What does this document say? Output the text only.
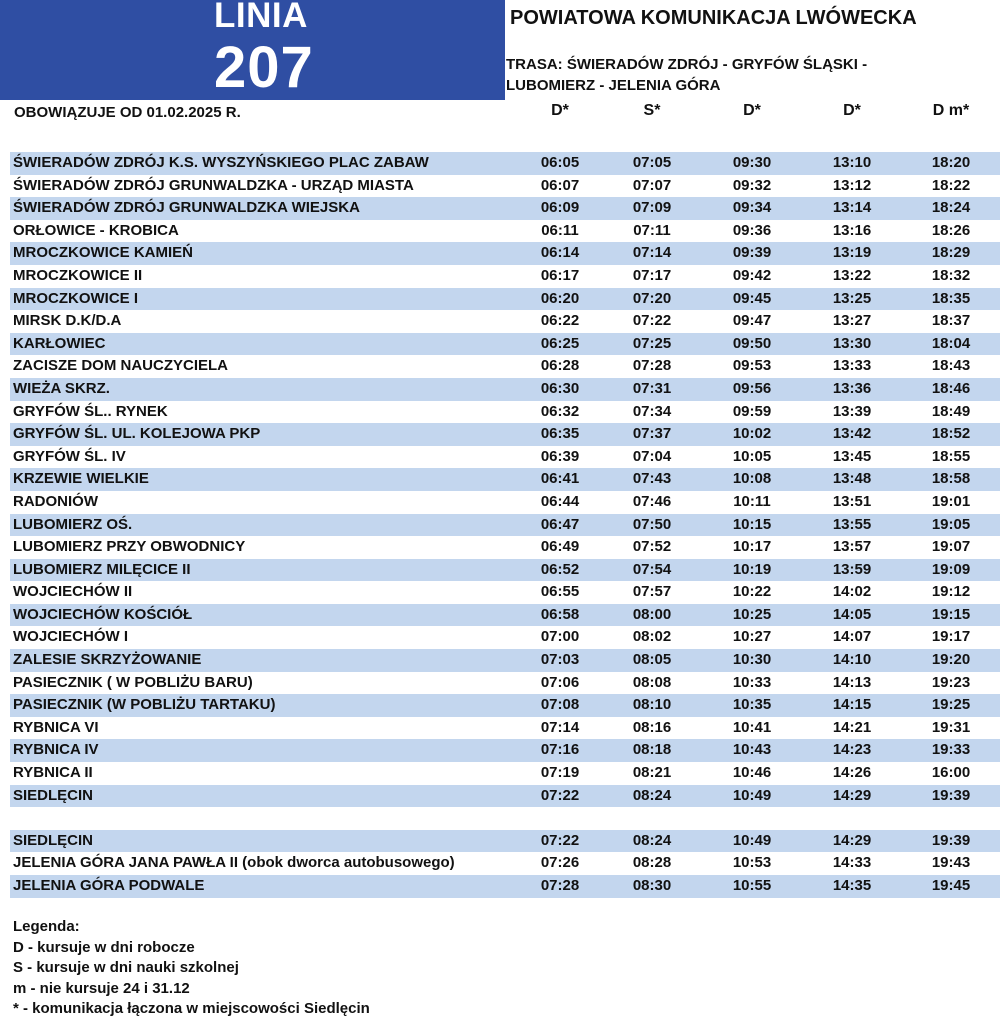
LINIA
207
POWIATOWA KOMUNIKACJA LWÓWECKA
TRASA: ŚWIERADÓW ZDRÓJ - GRYFÓW ŚLĄSKI -
LUBOMIERZ - JELENIA GÓRA
OBOWIĄZUJE OD 01.02.2025 R.	D*	S*	D*	D*	D m*
ŚWIERADÓW ZDRÓJ K.S. WYSZYŃSKIEGO PLAC ZABAW	06:05	07:05	09:30	13:10	18:20
ŚWIERADÓW ZDRÓJ GRUNWALDZKA - URZĄD MIASTA	06:07	07:07	09:32	13:12	18:22
ŚWIERADÓW ZDRÓJ GRUNWALDZKA WIEJSKA	06:09	07:09	09:34	13:14	18:24
ORŁOWICE - KROBICA	06:11	07:11	09:36	13:16	18:26
MROCZKOWICE KAMIEŃ	06:14	07:14	09:39	13:19	18:29
MROCZKOWICE II	06:17	07:17	09:42	13:22	18:32
MROCZKOWICE I	06:20	07:20	09:45	13:25	18:35
MIRSK D.K/D.A	06:22	07:22	09:47	13:27	18:37
KARŁOWIEC	06:25	07:25	09:50	13:30	18:04
ZACISZE DOM NAUCZYCIELA	06:28	07:28	09:53	13:33	18:43
WIEŻA SKRZ.	06:30	07:31	09:56	13:36	18:46
GRYFÓW ŚL.. RYNEK	06:32	07:34	09:59	13:39	18:49
GRYFÓW ŚL. UL. KOLEJOWA PKP	06:35	07:37	10:02	13:42	18:52
GRYFÓW ŚL. IV	06:39	07:04	10:05	13:45	18:55
KRZEWIE WIELKIE	06:41	07:43	10:08	13:48	18:58
RADONIÓW	06:44	07:46	10:11	13:51	19:01
LUBOMIERZ OŚ.	06:47	07:50	10:15	13:55	19:05
LUBOMIERZ PRZY OBWODNICY	06:49	07:52	10:17	13:57	19:07
LUBOMIERZ MILĘCICE II	06:52	07:54	10:19	13:59	19:09
WOJCIECHÓW II	06:55	07:57	10:22	14:02	19:12
WOJCIECHÓW KOŚCIÓŁ	06:58	08:00	10:25	14:05	19:15
WOJCIECHÓW I	07:00	08:02	10:27	14:07	19:17
ZALESIE SKRZYŻOWANIE	07:03	08:05	10:30	14:10	19:20
PASIECZNIK ( W POBLIŻU BARU)	07:06	08:08	10:33	14:13	19:23
PASIECZNIK (W POBLIŻU TARTAKU)	07:08	08:10	10:35	14:15	19:25
RYBNICA VI	07:14	08:16	10:41	14:21	19:31
RYBNICA IV	07:16	08:18	10:43	14:23	19:33
RYBNICA II	07:19	08:21	10:46	14:26	16:00
SIEDLĘCIN	07:22	08:24	10:49	14:29	19:39
SIEDLĘCIN	07:22	08:24	10:49	14:29	19:39
JELENIA GÓRA JANA PAWŁA II (obok dworca autobusowego)	07:26	08:28	10:53	14:33	19:43
JELENIA GÓRA PODWALE	07:28	08:30	10:55	14:35	19:45
Legenda:
D - kursuje w dni robocze
S - kursuje w dni nauki szkolnej
m - nie kursuje 24 i 31.12
* - komunikacja łączona w miejscowości Siedlęcin
